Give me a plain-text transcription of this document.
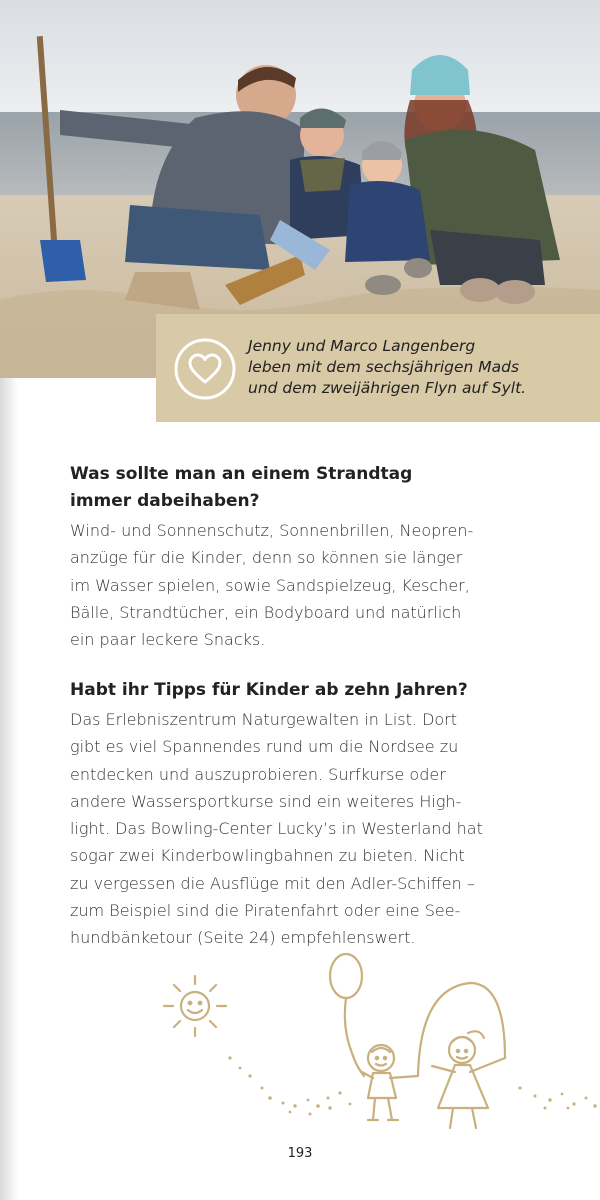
Jenny und Marco Langenberg
leben mit dem sechsjährigen Mads
und dem zweijährigen Flyn auf Sylt.
Was sollte man an einem Strandtag
immer dabeihaben?

Wind- und Sonnenschutz, Sonnenbrillen, Neopren-
anzüge für die Kinder, denn so können sie länger
im Wasser spielen, sowie Sandspielzeug, Kescher,
Bälle, Strandtücher, ein Bodyboard und natürlich
ein paar leckere Snacks.

Habt ihr Tipps für Kinder ab zehn Jahren?

Das Erlebniszentrum Naturgewalten in List. Dort
gibt es viel Spannendes rund um die Nordsee zu
entdecken und auszuprobieren. Surfkurse oder
andere Wassersportkurse sind ein weiteres High-
light. Das Bowling-Center Lucky’s in Westerland hat
sogar zwei Kinderbowlingbahnen zu bieten. Nicht
zu vergessen die Ausflüge mit den Adler-Schiffen –
zum Beispiel sind die Piratenfahrt oder eine See-
hundbänketour (Seite 24) empfehlenswert.

193
